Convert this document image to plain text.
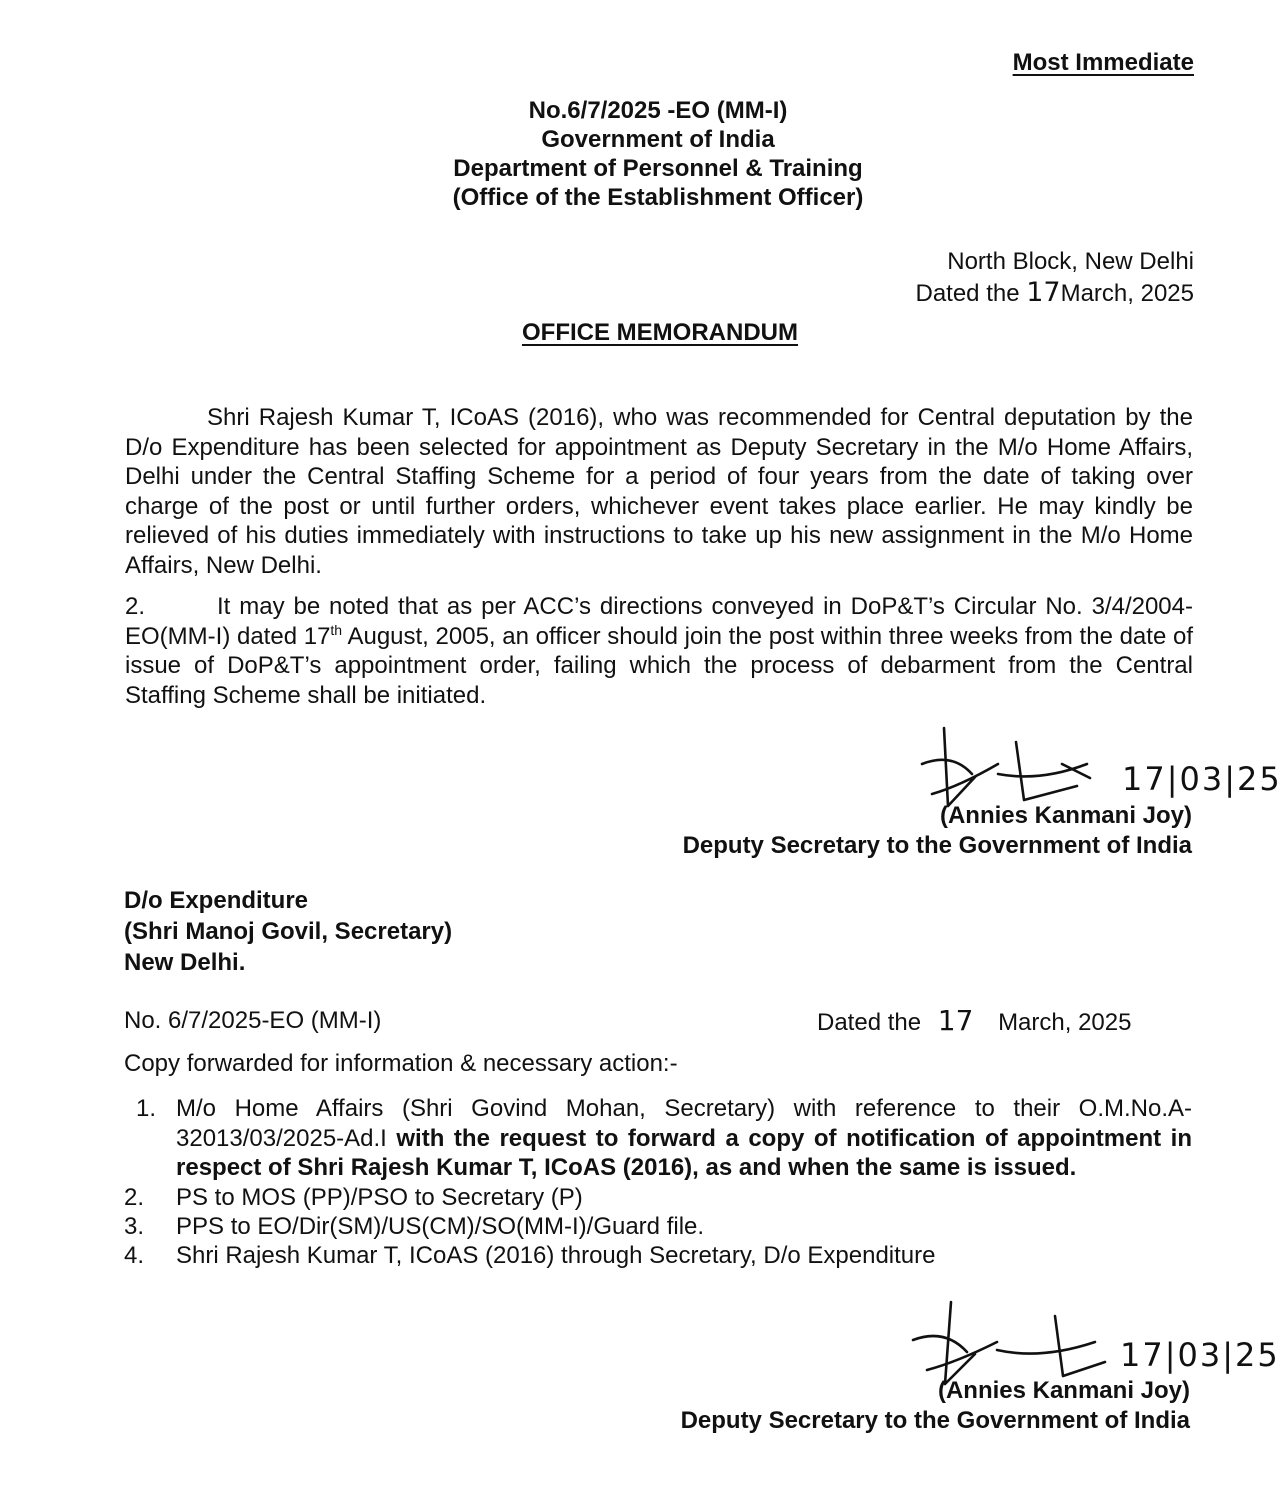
Most Immediate
No.6/7/2025 -EO (MM-I)
Government of India
Department of Personnel & Training
(Office of the Establishment Officer)
North Block, New Delhi
Dated the 17March, 2025
OFFICE MEMORANDUM

Shri Rajesh Kumar T, ICoAS (2016), who was recommended for Central deputation by the D/o Expenditure has been selected for appointment as Deputy Secretary in the M/o Home Affairs, Delhi under the Central Staffing Scheme for a period of four years from the date of taking over charge of the post or until further orders, whichever event takes place earlier. He may kindly be relieved of his duties immediately with instructions to take up his new assignment in the M/o Home Affairs, New Delhi.

2.	It may be noted that as per ACC’s directions conveyed in DoP&T’s Circular No. 3/4/2004-EO(MM-I) dated 17th August, 2005, an officer should join the post within three weeks from the date of issue of DoP&T’s appointment order, failing which the process of debarment from the Central Staffing Scheme shall be initiated.

17|03|25
(Annies Kanmani Joy)
Deputy Secretary to the Government of India
D/o Expenditure
(Shri Manoj Govil, Secretary)
New Delhi.
No. 6/7/2025-EO (MM-I)	Dated the 17 March, 2025
Copy forwarded for information & necessary action:-
1. M/o Home Affairs (Shri Govind Mohan, Secretary) with reference to their O.M.No.A-32013/03/2025-Ad.I with the request to forward a copy of notification of appointment in respect of Shri Rajesh Kumar T, ICoAS (2016), as and when the same is issued.
2. PS to MOS (PP)/PSO to Secretary (P)
3. PPS to EO/Dir(SM)/US(CM)/SO(MM-I)/Guard file.
4. Shri Rajesh Kumar T, ICoAS (2016) through Secretary, D/o Expenditure
17|03|25
(Annies Kanmani Joy)
Deputy Secretary to the Government of India
